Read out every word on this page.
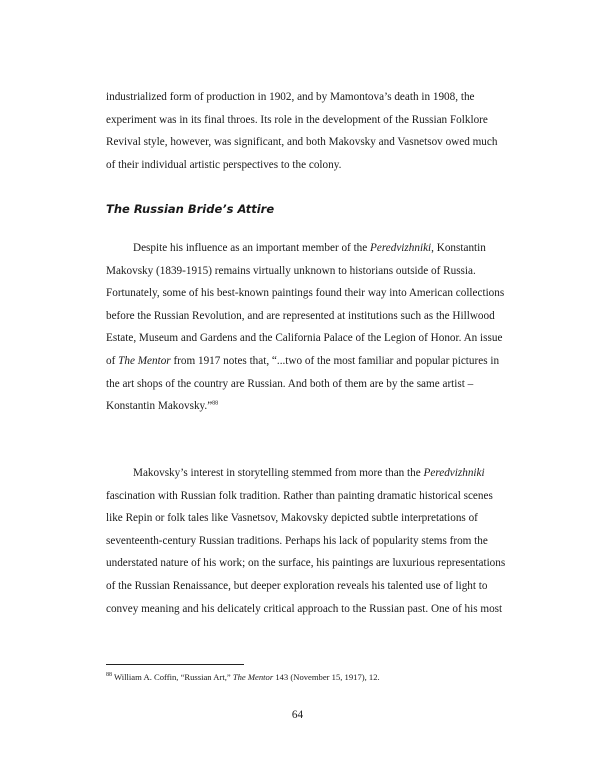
industrialized form of production in 1902, and by Mamontova’s death in 1908, the
experiment was in its final throes. Its role in the development of the Russian Folklore
Revival style, however, was significant, and both Makovsky and Vasnetsov owed much
of their individual artistic perspectives to the colony.
The Russian Bride’s Attire
Despite his influence as an important member of the Peredvizhniki, Konstantin
Makovsky (1839-1915) remains virtually unknown to historians outside of Russia.
Fortunately, some of his best-known paintings found their way into American collections
before the Russian Revolution, and are represented at institutions such as the Hillwood
Estate, Museum and Gardens and the California Palace of the Legion of Honor. An issue
of The Mentor from 1917 notes that, “...two of the most familiar and popular pictures in
the art shops of the country are Russian. And both of them are by the same artist –
Konstantin Makovsky.”$^{88}$
Makovsky’s interest in storytelling stemmed from more than the Peredvizhniki
fascination with Russian folk tradition. Rather than painting dramatic historical scenes
like Repin or folk tales like Vasnetsov, Makovsky depicted subtle interpretations of
seventeenth-century Russian traditions. Perhaps his lack of popularity stems from the
understated nature of his work; on the surface, his paintings are luxurious representations
of the Russian Renaissance, but deeper exploration reveals his talented use of light to
convey meaning and his delicately critical approach to the Russian past. One of his most
$^{88}$ William A. Coffin, “Russian Art,” The Mentor 143 (November 15, 1917), 12.
64
